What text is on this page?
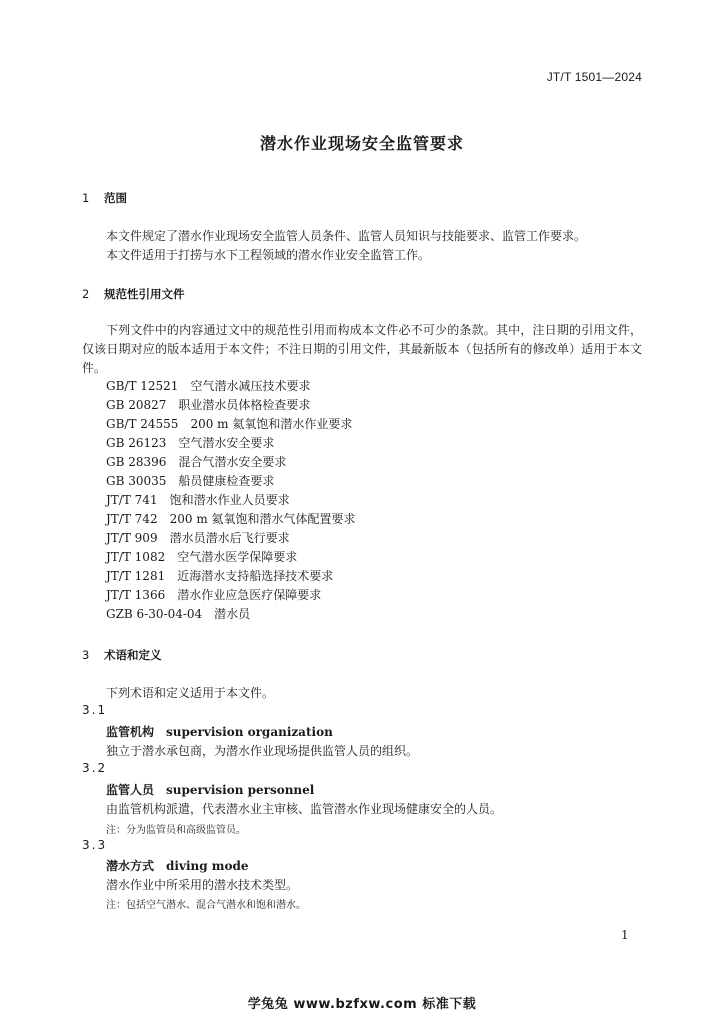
JT/T 1501—2024
潜水作业现场安全监管要求
1 范围
本文件规定了潜水作业现场安全监管人员条件、监管人员知识与技能要求、监管工作要求。
本文件适用于打捞与水下工程领域的潜水作业安全监管工作。
2 规范性引用文件
下列文件中的内容通过文中的规范性引用而构成本文件必不可少的条款。其中，注日期的引用文件，仅该日期对应的版本适用于本文件；不注日期的引用文件，其最新版本（包括所有的修改单）适用于本文件。
GB/T 12521 空气潜水减压技术要求
GB 20827 职业潜水员体格检查要求
GB/T 24555 200 m 氦氧饱和潜水作业要求
GB 26123 空气潜水安全要求
GB 28396 混合气潜水安全要求
GB 30035 船员健康检查要求
JT/T 741 饱和潜水作业人员要求
JT/T 742 200 m 氦氧饱和潜水气体配置要求
JT/T 909 潜水员潜水后飞行要求
JT/T 1082 空气潜水医学保障要求
JT/T 1281 近海潜水支持船选择技术要求
JT/T 1366 潜水作业应急医疗保障要求
GZB 6-30-04-04 潜水员
3 术语和定义
下列术语和定义适用于本文件。
3.1
监管机构 supervision organization
独立于潜水承包商，为潜水作业现场提供监管人员的组织。
3.2
监管人员 supervision personnel
由监管机构派遣，代表潜水业主审核、监管潜水作业现场健康安全的人员。
注：分为监管员和高级监管员。
3.3
潜水方式 diving mode
潜水作业中所采用的潜水技术类型。
注：包括空气潜水、混合气潜水和饱和潜水。
1
学兔兔 www.bzfxw.com 标准下载
